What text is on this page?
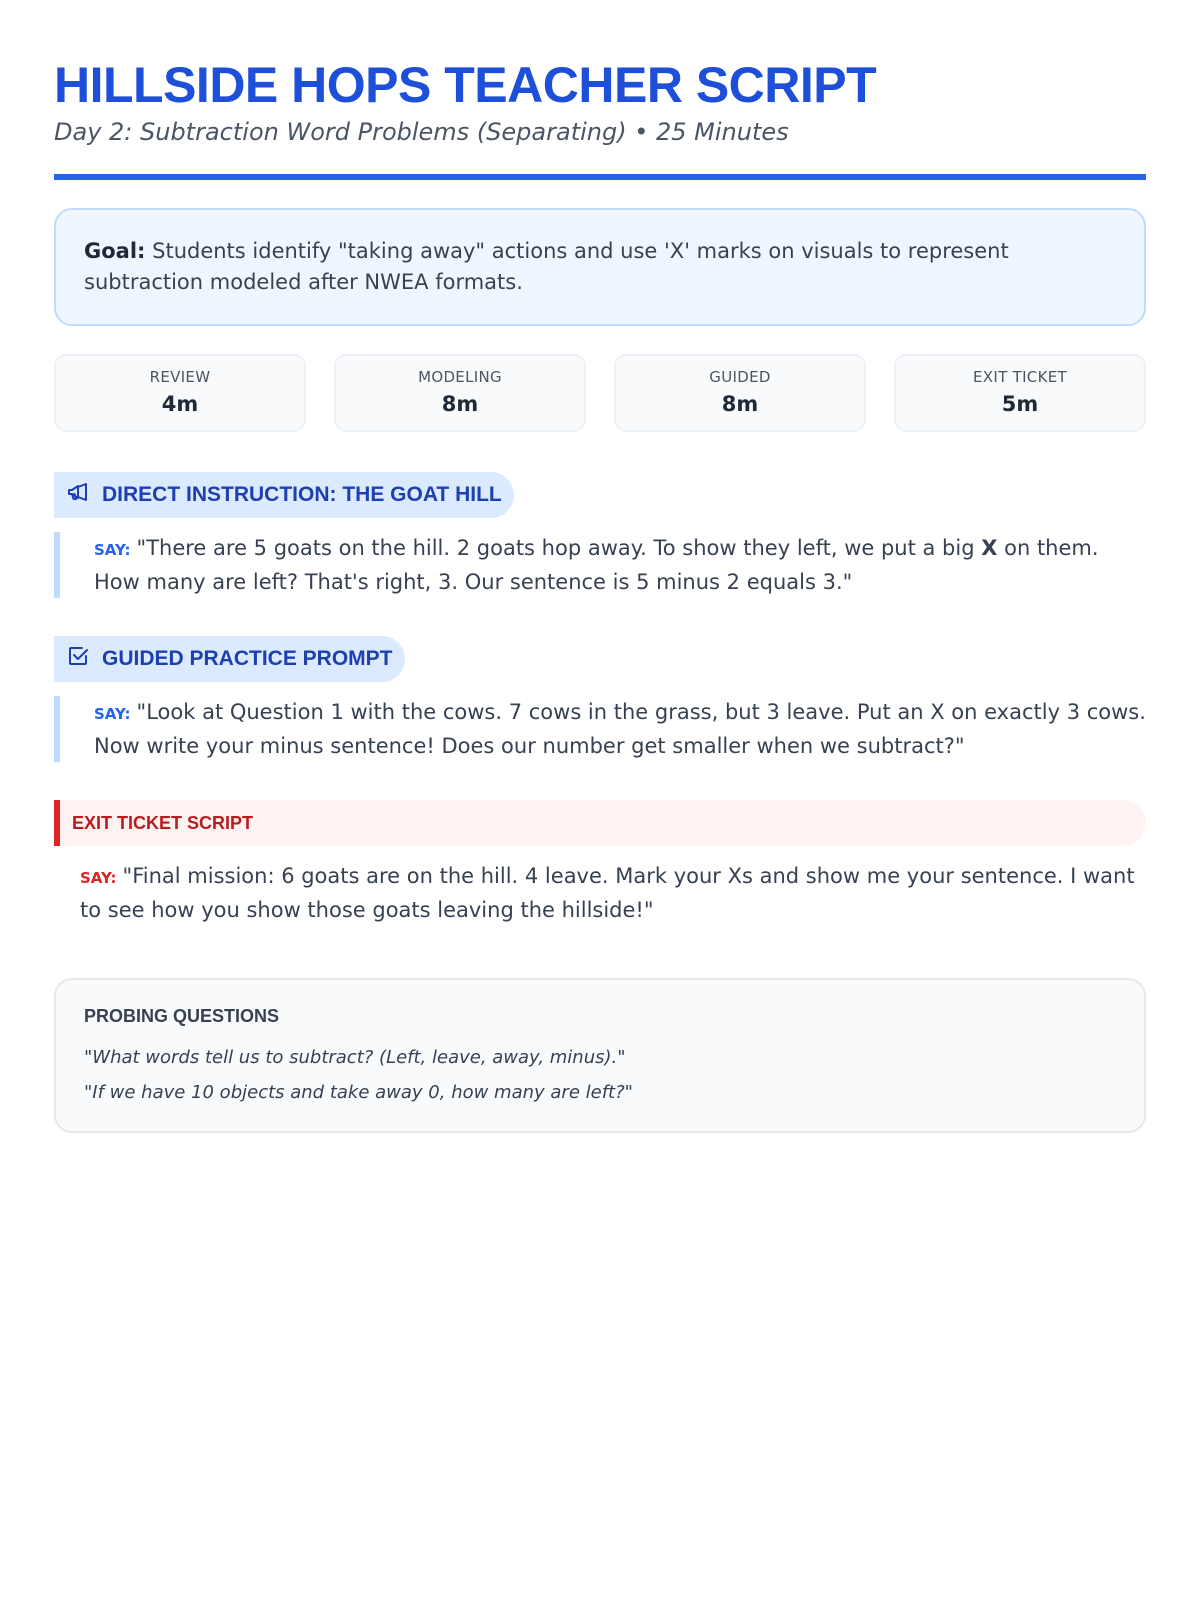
HILLSIDE HOPS TEACHER SCRIPT
Day 2: Subtraction Word Problems (Separating) • 25 Minutes
Goal: Students identify "taking away" actions and use 'X' marks on visuals to represent subtraction modeled after NWEA formats.
REVIEW
4m
MODELING
8m
GUIDED
8m
EXIT TICKET
5m
DIRECT INSTRUCTION: THE GOAT HILL
SAY: "There are 5 goats on the hill. 2 goats hop away. To show they left, we put a big X on them. How many are left? That's right, 3. Our sentence is 5 minus 2 equals 3."
GUIDED PRACTICE PROMPT
SAY: "Look at Question 1 with the cows. 7 cows in the grass, but 3 leave. Put an X on exactly 3 cows. Now write your minus sentence! Does our number get smaller when we subtract?"
EXIT TICKET SCRIPT
SAY: "Final mission: 6 goats are on the hill. 4 leave. Mark your Xs and show me your sentence. I want to see how you show those goats leaving the hillside!"
PROBING QUESTIONS
"What words tell us to subtract? (Left, leave, away, minus)."
"If we have 10 objects and take away 0, how many are left?"
